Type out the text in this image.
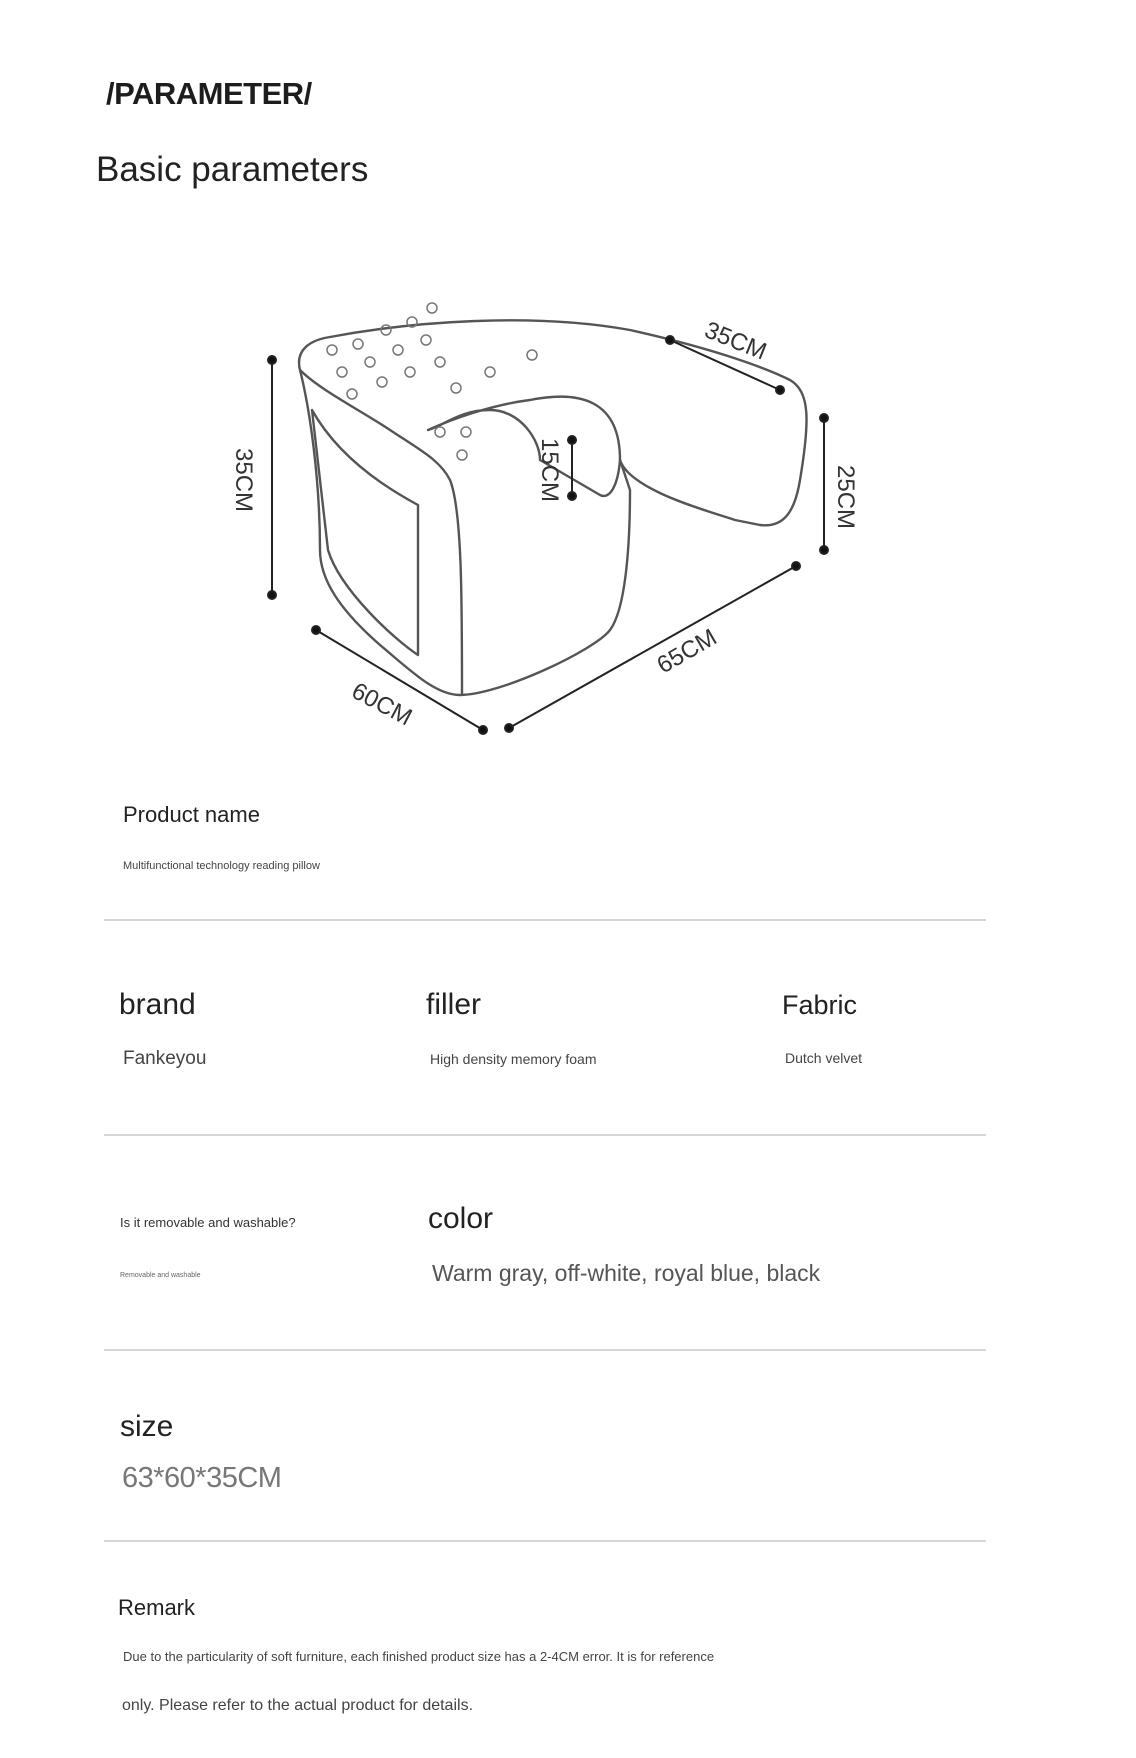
/PARAMETER/
Basic parameters
35CM
35CM
15CM	25CM
60CM
65CM
Product name
Multifunctional technology reading pillow
brand
Fankeyou
filler
High density memory foam
Fabric
Dutch velvet
Is it removable and washable?
Removable and washable
color
Warm gray, off-white, royal blue, black
size
63*60*35CM
Remark
Due to the particularity of soft furniture, each finished product size has a 2-4CM error. It is for reference
only. Please refer to the actual product for details.
